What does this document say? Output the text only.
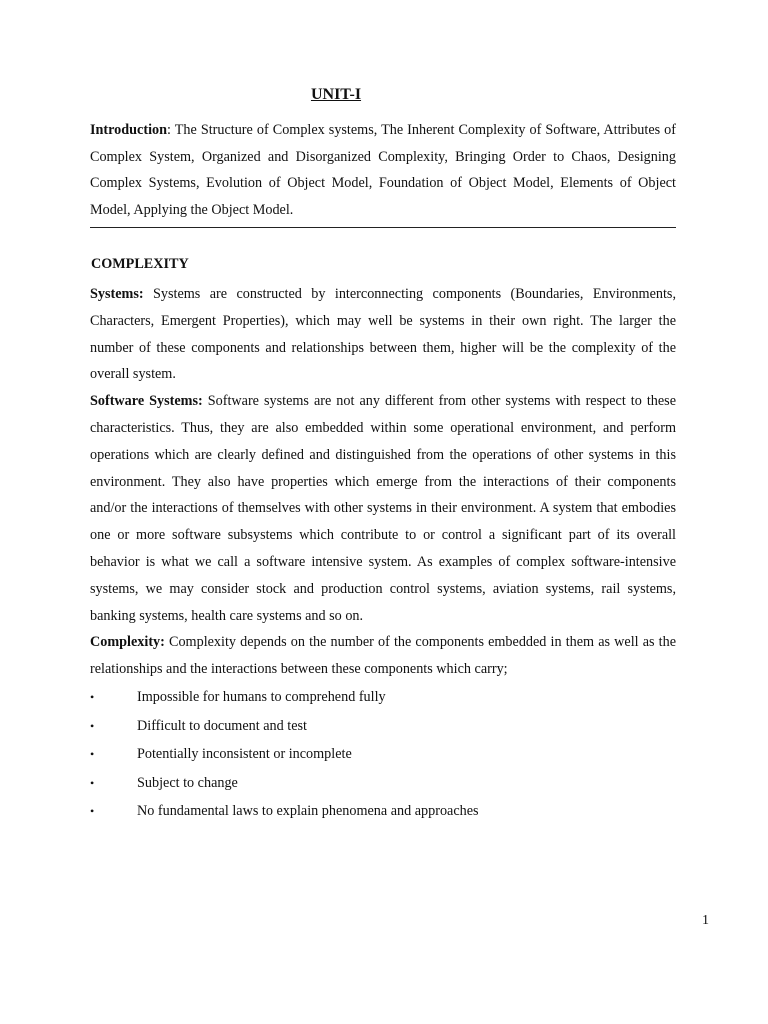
UNIT-I

Introduction: The Structure of Complex systems, The Inherent Complexity of Software, Attributes of Complex System, Organized and Disorganized Complexity, Bringing Order to Chaos, Designing Complex Systems, Evolution of Object Model, Foundation of Object Model, Elements of Object Model, Applying the Object Model.

COMPLEXITY

Systems: Systems are constructed by interconnecting components (Boundaries, Environments, Characters, Emergent Properties), which may well be systems in their own right. The larger the number of these components and relationships between them, higher will be the complexity of the overall system.

Software Systems: Software systems are not any different from other systems with respect to these characteristics. Thus, they are also embedded within some operational environment, and perform operations which are clearly defined and distinguished from the operations of other systems in this environment. They also have properties which emerge from the interactions of their components and/or the interactions of themselves with other systems in their environment. A system that embodies one or more software subsystems which contribute to or control a significant part of its overall behavior is what we call a software intensive system. As examples of complex software-intensive systems, we may consider stock and production control systems, aviation systems, rail systems, banking systems, health care systems and so on.

Complexity: Complexity depends on the number of the components embedded in them as well as the relationships and the interactions between these components which carry;

•	Impossible for humans to comprehend fully
•	Difficult to document and test
•	Potentially inconsistent or incomplete
•	Subject to change
•	No fundamental laws to explain phenomena and approaches

1
